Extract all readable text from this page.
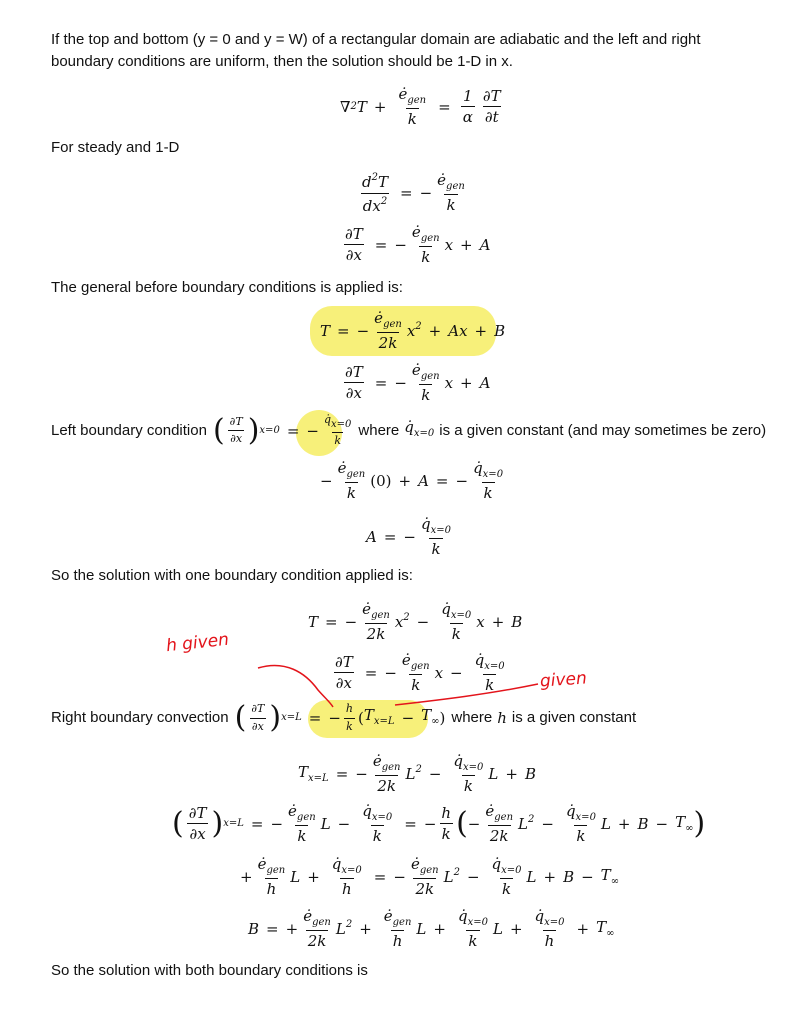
If the top and bottom (y = 0 and y = W) of a rectangular domain are adiabatic and the left and right
boundary conditions are uniform, then the solution should be 1-D in x.
∇ 2 $T + \frac{ė_{gen}}{k} = \frac{1}{\alpha} \frac{\partial T}{\partial t}$
For steady and 1-D
$\frac{d^2T}{dx^2}$ = − $\frac{ė_{gen}}{k}$
$\frac{\partial T}{\partial x}$ = − $\frac{ė_{gen}}{k}$ x + A
The general before boundary conditions is applied is:
T = − $\frac{ė_{gen}}{2k} x^2 + Ax + B$
$\frac{\partial T}{\partial x}$ = − $\frac{ė_{gen}}{k}$ x + A
Left boundary condition ( $\frac{\partial T}{\partial x}$ ) x=0 = − $\frac{q̇x=0}{k}$ where $q̇_{x=0}$ is a given constant (and may sometimes be zero)
− $\frac{ė_{gen}}{k} (0) + A$ = − $\frac{q̇_{x=0}}{k}$
A = − $\frac{q̇_{x=0}}{k}$
So the solution with one boundary condition applied is:
T = − $\frac{ė_{gen}}{2k} x^2 - \frac{q̇_{x=0}}{k}$ x + B
$\frac{\partial T}{\partial x}$ = − $\frac{ė_{gen}}{k}$ $x - \frac{q̇_{x=0}}{k}$
Right boundary convection ( $\frac{\partial T}{\partial x}$ ) x=L = − $\frac{h}{k}$ ( $T_{x=L} - T_\infty$ ) where h is a given constant
$T_{x=L}$ = − $\frac{ė_{gen}}{2k} L^2 - \frac{q̇_{x=0}}{k}$ L + B
( $\frac{\partial T}{\partial x}$ ) x=L = − $\frac{ė_{gen}}{k}$ $L - \frac{q̇_{x=0}}{k}$ = − $\frac{h}{k}$ ( − $\frac{ė_{gen}}{2k} L^2 - \frac{q̇_{x=0}}{k}$ $L + B - T_\infty$ )
+ $\frac{ė_{gen}}{h}$ $L + \frac{q̇_{x=0}}{h}$ = − $\frac{ė_{gen}}{2k} L^2 - \frac{q̇_{x=0}}{k}$ $L + B - T_\infty$
B = + $\frac{ė_{gen}}{2k} L^2 + \frac{ė_{gen}}{h}$ $L + \frac{q̇_{x=0}}{k}$ $L + \frac{q̇_{x=0}}{h} + T_\infty$
So the solution with both boundary conditions is
h given
given
